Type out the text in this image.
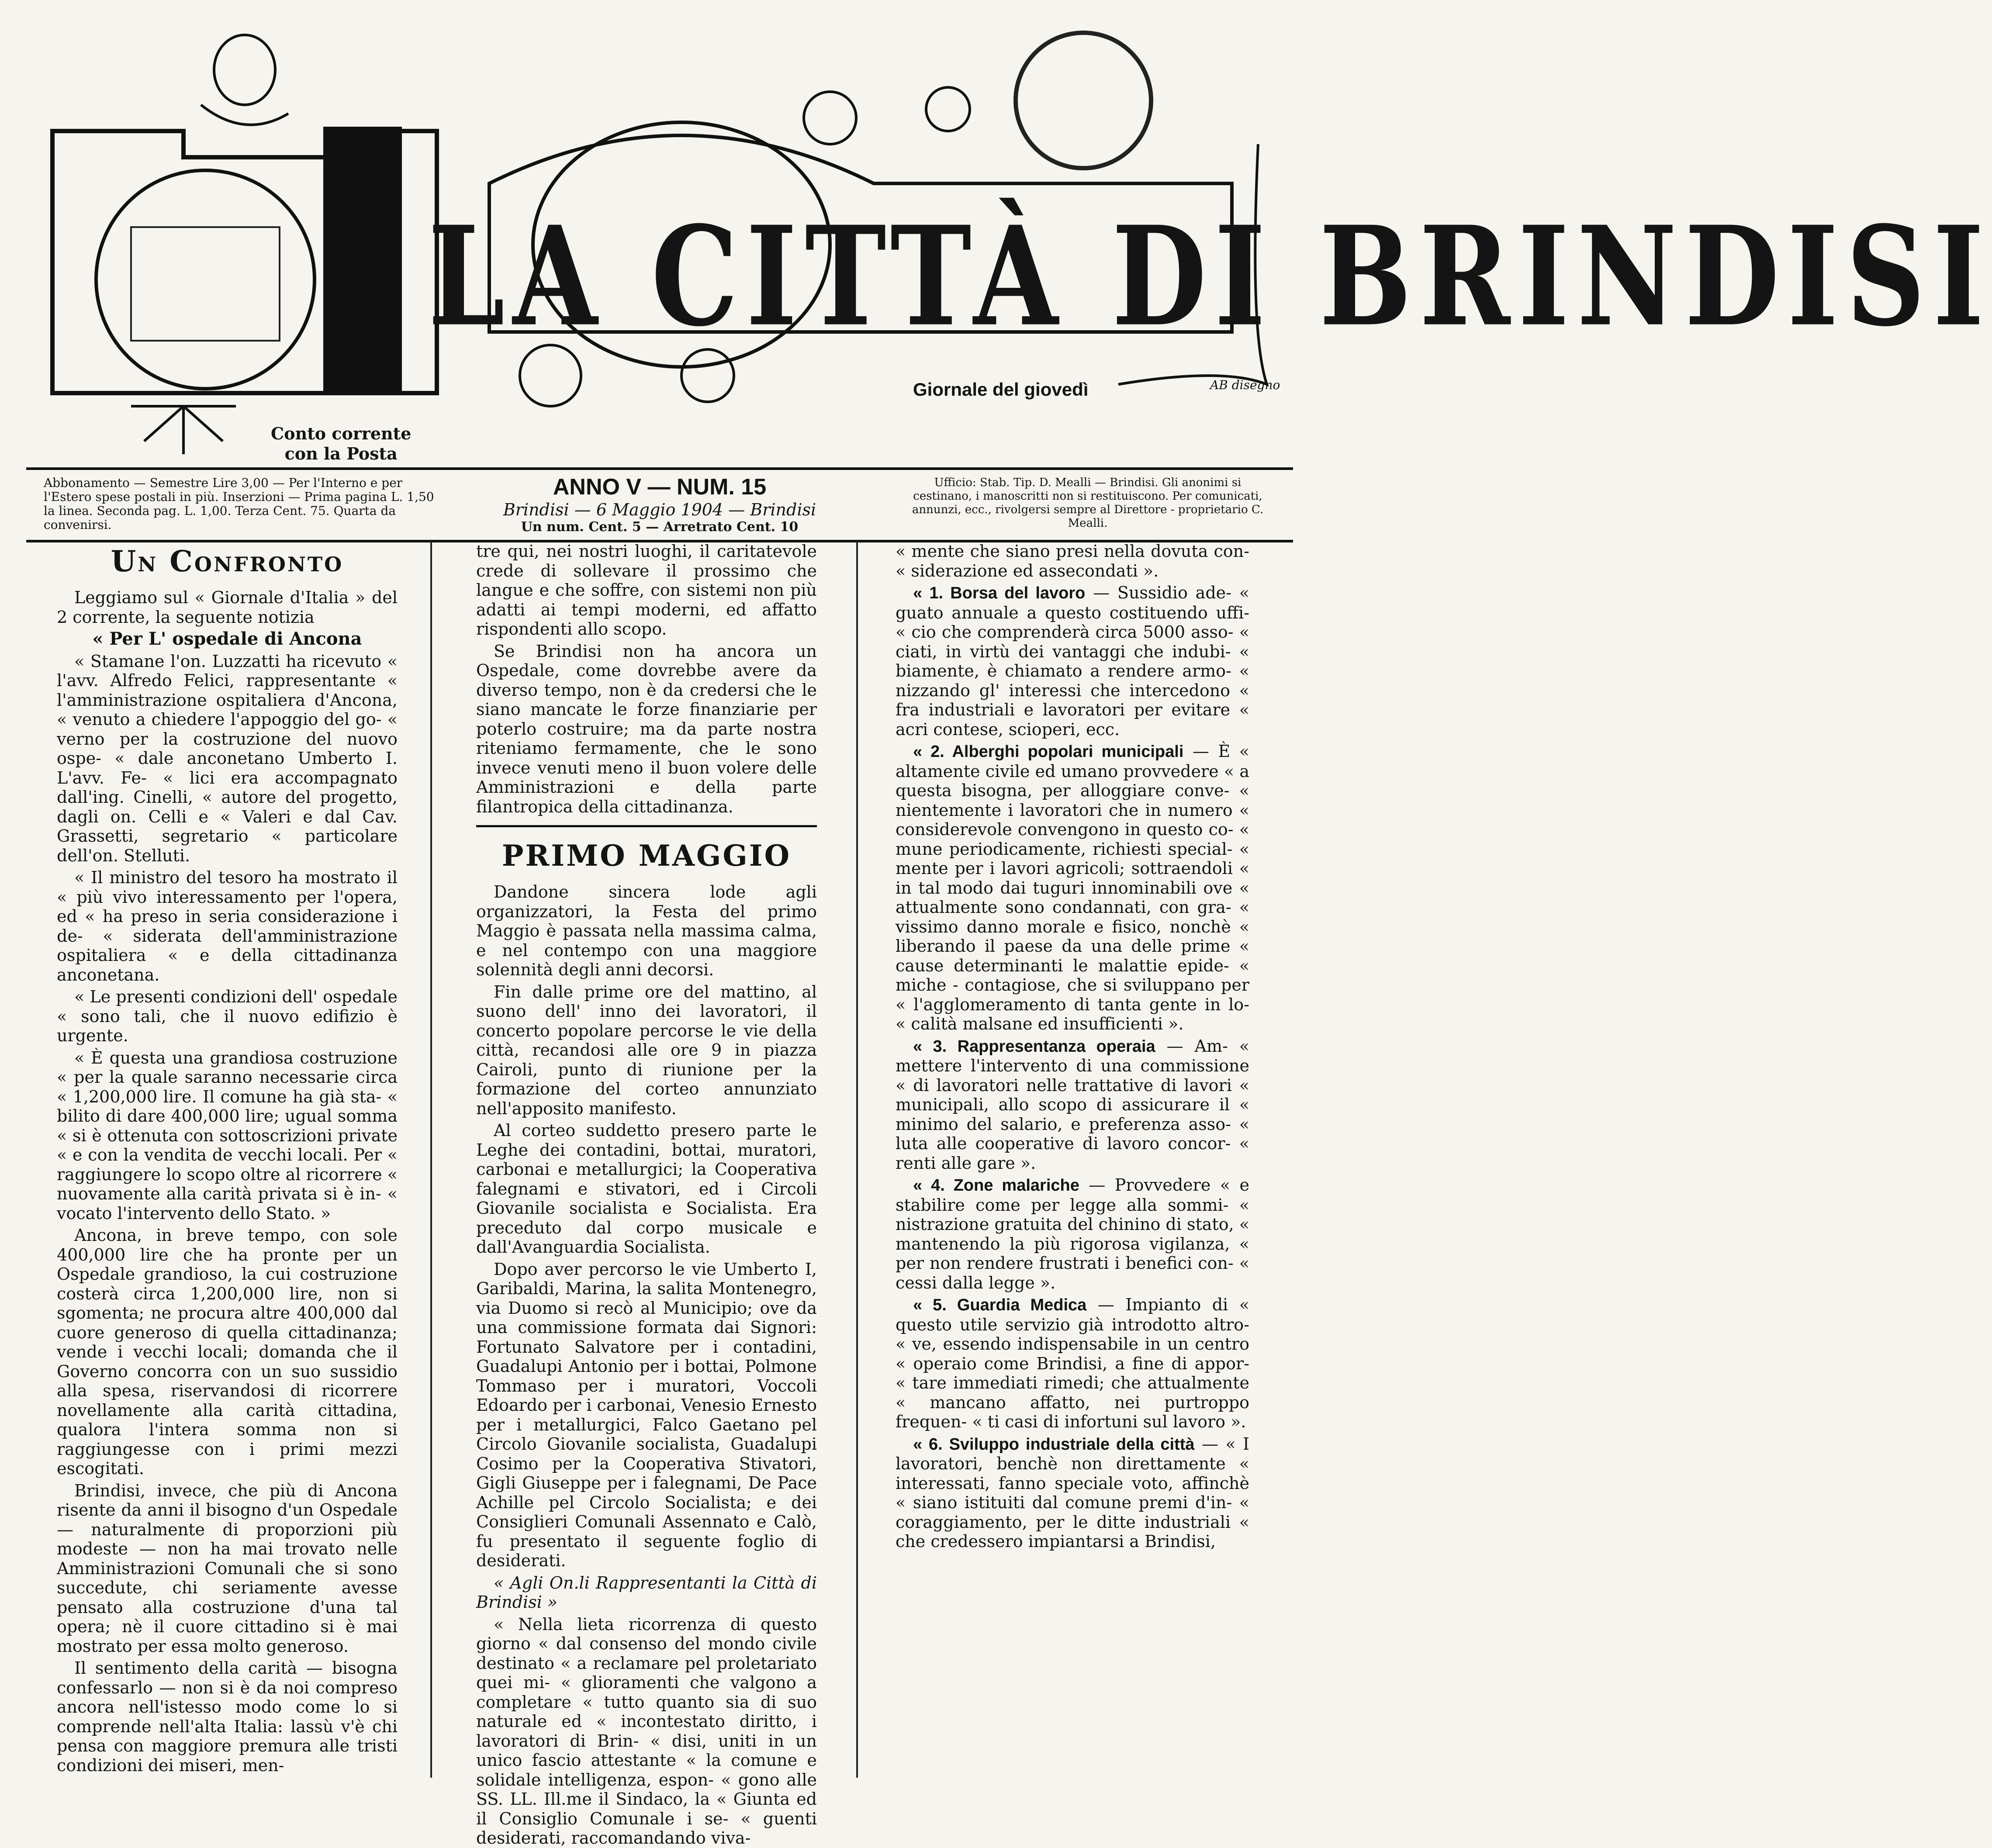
LA CITTÀ DI BRINDISI
Giornale del giovedì	AB disegno
Conto corrente
con la Posta
Abbonamento — Semestre Lire 3,00 — Per l'Interno e per l'Estero spese postali in più. Inserzioni — Prima pagina L. 1,50 la linea. Seconda pag. L. 1,00. Terza Cent. 75. Quarta da convenirsi.
ANNO V — NUM. 15
Brindisi — 6 Maggio 1904 — Brindisi
Un num. Cent. 5 — Arretrato Cent. 10
Ufficio: Stab. Tip. D. Mealli — Brindisi. Gli anonimi si cestinano, i manoscritti non si restituiscono. Per comunicati, annunzi, ecc., rivolgersi sempre al Direttore - proprietario C. Mealli.
Un Confronto

Leggiamo sul « Giornale d'Italia » del 2 corrente, la seguente notizia

« Per L' ospedale di Ancona

« Stamane l'on. Luzzatti ha ricevuto « l'avv. Alfredo Felici, rappresentante « l'amministrazione ospitaliera d'Ancona, « venuto a chiedere l'appoggio del go- « verno per la costruzione del nuovo ospe- « dale anconetano Umberto I. L'avv. Fe- « lici era accompagnato dall'ing. Cinelli, « autore del progetto, dagli on. Celli e « Valeri e dal Cav. Grassetti, segretario « particolare dell'on. Stelluti.

« Il ministro del tesoro ha mostrato il « più vivo interessamento per l'opera, ed « ha preso in seria considerazione i de- « siderata dell'amministrazione ospitaliera « e della cittadinanza anconetana.

« Le presenti condizioni dell' ospedale « sono tali, che il nuovo edifizio è urgente.

« È questa una grandiosa costruzione « per la quale saranno necessarie circa « 1,200,000 lire. Il comune ha già sta- « bilito di dare 400,000 lire; ugual somma « si è ottenuta con sottoscrizioni private « e con la vendita de vecchi locali. Per « raggiungere lo scopo oltre al ricorrere « nuovamente alla carità privata si è in- « vocato l'intervento dello Stato. »

Ancona, in breve tempo, con sole 400,000 lire che ha pronte per un Ospedale grandioso, la cui costruzione costerà circa 1,200,000 lire, non si sgomenta; ne procura altre 400,000 dal cuore generoso di quella cittadinanza; vende i vecchi locali; domanda che il Governo concorra con un suo sussidio alla spesa, riservandosi di ricorrere novellamente alla carità cittadina, qualora l'intera somma non si raggiungesse con i primi mezzi escogitati.

Brindisi, invece, che più di Ancona risente da anni il bisogno d'un Ospedale — naturalmente di proporzioni più modeste — non ha mai trovato nelle Amministrazioni Comunali che si sono succedute, chi seriamente avesse pensato alla costruzione d'una tal opera; nè il cuore cittadino si è mai mostrato per essa molto generoso.

Il sentimento della carità — bisogna confessarlo — non si è da noi compreso ancora nell'istesso modo come lo si comprende nell'alta Italia: lassù v'è chi pensa con maggiore premura alle tristi condizioni dei miseri, men-

tre qui, nei nostri luoghi, il caritatevole crede di sollevare il prossimo che langue e che soffre, con sistemi non più adatti ai tempi moderni, ed affatto rispondenti allo scopo.

Se Brindisi non ha ancora un Ospedale, come dovrebbe avere da diverso tempo, non è da credersi che le siano mancate le forze finanziarie per poterlo costruire; ma da parte nostra riteniamo fermamente, che le sono invece venuti meno il buon volere delle Amministrazioni e della parte filantropica della cittadinanza.

PRIMO MAGGIO

Dandone sincera lode agli organizzatori, la Festa del primo Maggio è passata nella massima calma, e nel contempo con una maggiore solennità degli anni decorsi.

Fin dalle prime ore del mattino, al suono dell' inno dei lavoratori, il concerto popolare percorse le vie della città, recandosi alle ore 9 in piazza Cairoli, punto di riunione per la formazione del corteo annunziato nell'apposito manifesto.

Al corteo suddetto presero parte le Leghe dei contadini, bottai, muratori, carbonai e metallurgici; la Cooperativa falegnami e stivatori, ed i Circoli Giovanile socialista e Socialista. Era preceduto dal corpo musicale e dall'Avanguardia Socialista.

Dopo aver percorso le vie Umberto I, Garibaldi, Marina, la salita Montenegro, via Duomo si recò al Municipio; ove da una commissione formata dai Signori: Fortunato Salvatore per i contadini, Guadalupi Antonio per i bottai, Polmone Tommaso per i muratori, Voccoli Edoardo per i carbonai, Venesio Ernesto per i metallurgici, Falco Gaetano pel Circolo Giovanile socialista, Guadalupi Cosimo per la Cooperativa Stivatori, Gigli Giuseppe per i falegnami, De Pace Achille pel Circolo Socialista; e dei Consiglieri Comunali Assennato e Calò, fu presentato il seguente foglio di desiderati.

« Agli On.li Rappresentanti la Città di Brindisi »

« Nella lieta ricorrenza di questo giorno « dal consenso del mondo civile destinato « a reclamare pel proletariato quei mi- « glioramenti che valgono a completare « tutto quanto sia di suo naturale ed « incontestato diritto, i lavoratori di Brin- « disi, uniti in un unico fascio attestante « la comune e solidale intelligenza, espon- « gono alle SS. LL. Ill.me il Sindaco, la « Giunta ed il Consiglio Comunale i se- « guenti desiderati, raccomandando viva-

« mente che siano presi nella dovuta con- « siderazione ed assecondati ».

« 1. Borsa del lavoro — Sussidio ade- « guato annuale a questo costituendo uffi- « cio che comprenderà circa 5000 asso- « ciati, in virtù dei vantaggi che indubi- « biamente, è chiamato a rendere armo- « nizzando gl' interessi che intercedono « fra industriali e lavoratori per evitare « acri contese, scioperi, ecc.

« 2. Alberghi popolari municipali — È « altamente civile ed umano provvedere « a questa bisogna, per alloggiare conve- « nientemente i lavoratori che in numero « considerevole convengono in questo co- « mune periodicamente, richiesti special- « mente per i lavori agricoli; sottraendoli « in tal modo dai tuguri innominabili ove « attualmente sono condannati, con gra- « vissimo danno morale e fisico, nonchè « liberando il paese da una delle prime « cause determinanti le malattie epide- « miche - contagiose, che si sviluppano per « l'agglomeramento di tanta gente in lo- « calità malsane ed insufficienti ».

« 3. Rappresentanza operaia — Am- « mettere l'intervento di una commissione « di lavoratori nelle trattative di lavori « municipali, allo scopo di assicurare il « minimo del salario, e preferenza asso- « luta alle cooperative di lavoro concor- « renti alle gare ».

« 4. Zone malariche — Provvedere « e stabilire come per legge alla sommi- « nistrazione gratuita del chinino di stato, « mantenendo la più rigorosa vigilanza, « per non rendere frustrati i benefici con- « cessi dalla legge ».

« 5. Guardia Medica — Impianto di « questo utile servizio già introdotto altro- « ve, essendo indispensabile in un centro « operaio come Brindisi, a fine di appor- « tare immediati rimedi; che attualmente « mancano affatto, nei purtroppo frequen- « ti casi di infortuni sul lavoro ».

« 6. Sviluppo industriale della città — « I lavoratori, benchè non direttamente « interessati, fanno speciale voto, affinchè « siano istituiti dal comune premi d'in- « coraggiamento, per le ditte industriali « che credessero impiantarsi a Brindisi,
